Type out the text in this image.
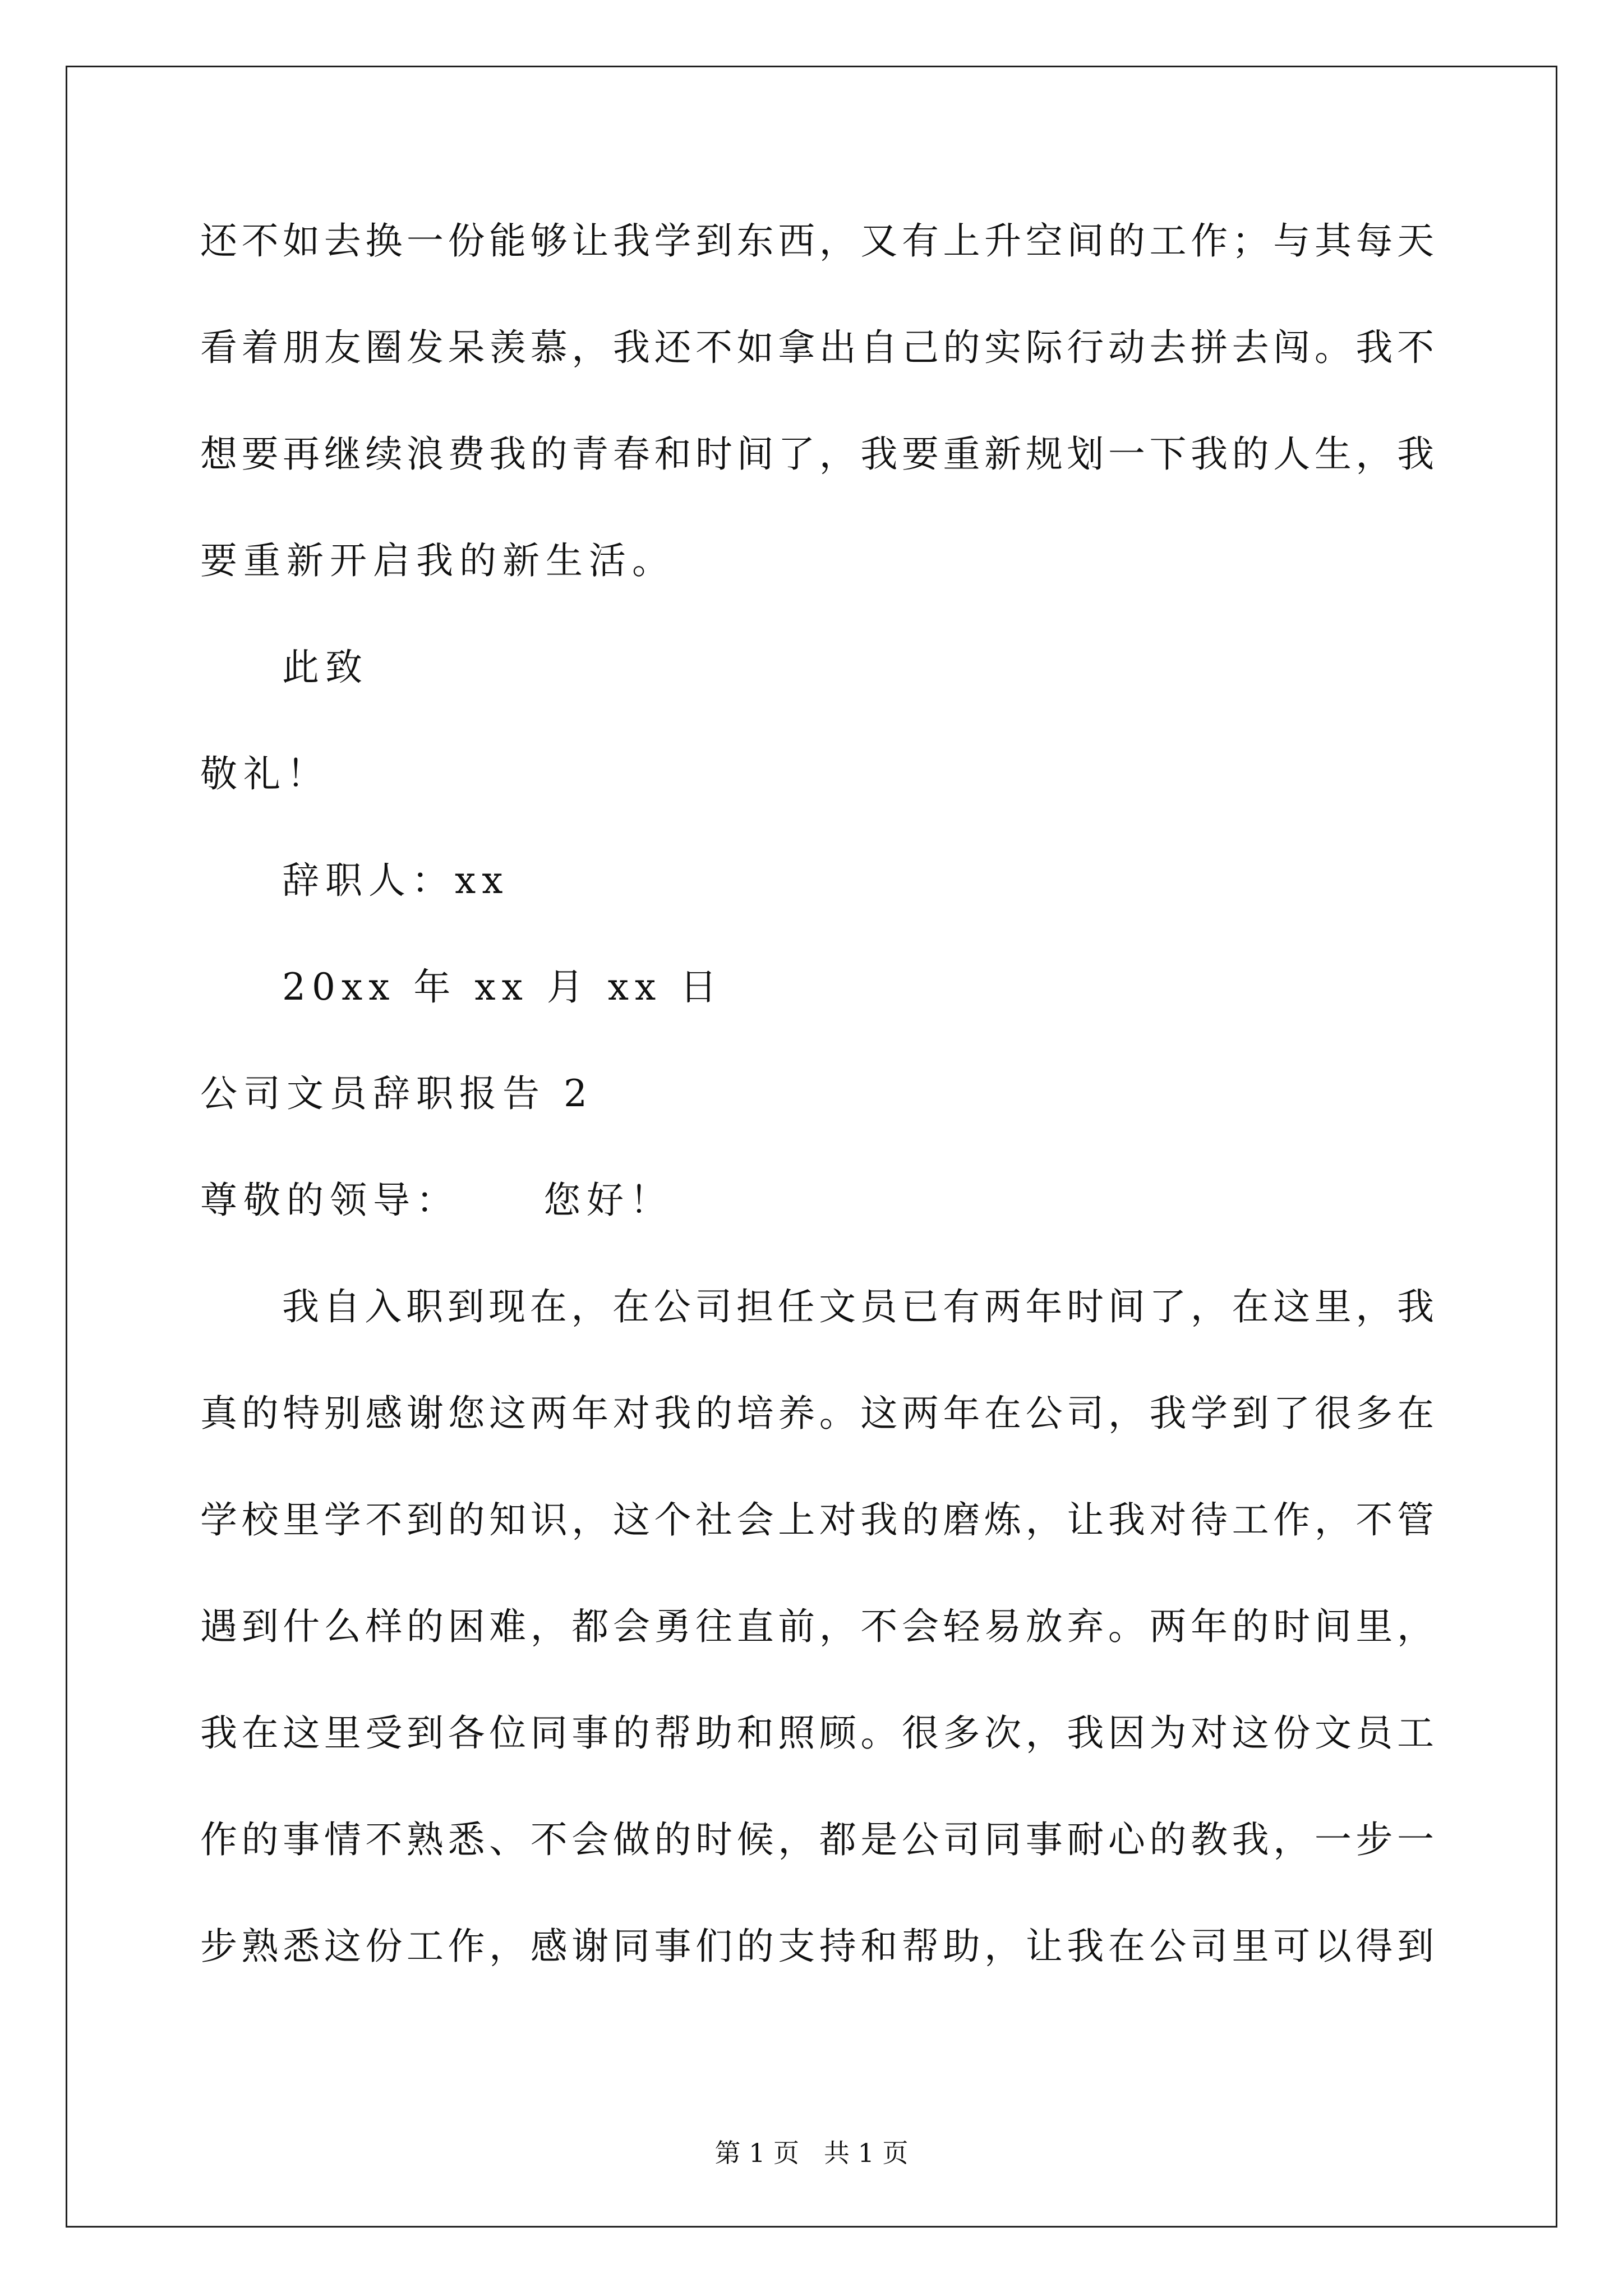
还不如去换一份能够让我学到东西，又有上升空间的工作；与其每天
看着朋友圈发呆羡慕，我还不如拿出自己的实际行动去拼去闯。我不
想要再继续浪费我的青春和时间了，我要重新规划一下我的人生，我
要重新开启我的新生活。
此致
敬礼！
辞职人：xx
20xx 年 xx 月 xx 日
公司文员辞职报告 2
尊敬的领导： 您好！
我自入职到现在，在公司担任文员已有两年时间了，在这里，我
真的特别感谢您这两年对我的培养。这两年在公司，我学到了很多在
学校里学不到的知识，这个社会上对我的磨炼，让我对待工作，不管
遇到什么样的困难，都会勇往直前，不会轻易放弃。两年的时间里，
我在这里受到各位同事的帮助和照顾。很多次，我因为对这份文员工
作的事情不熟悉、不会做的时候，都是公司同事耐心的教我，一步一
步熟悉这份工作，感谢同事们的支持和帮助，让我在公司里可以得到
第 1 页 共 1 页
